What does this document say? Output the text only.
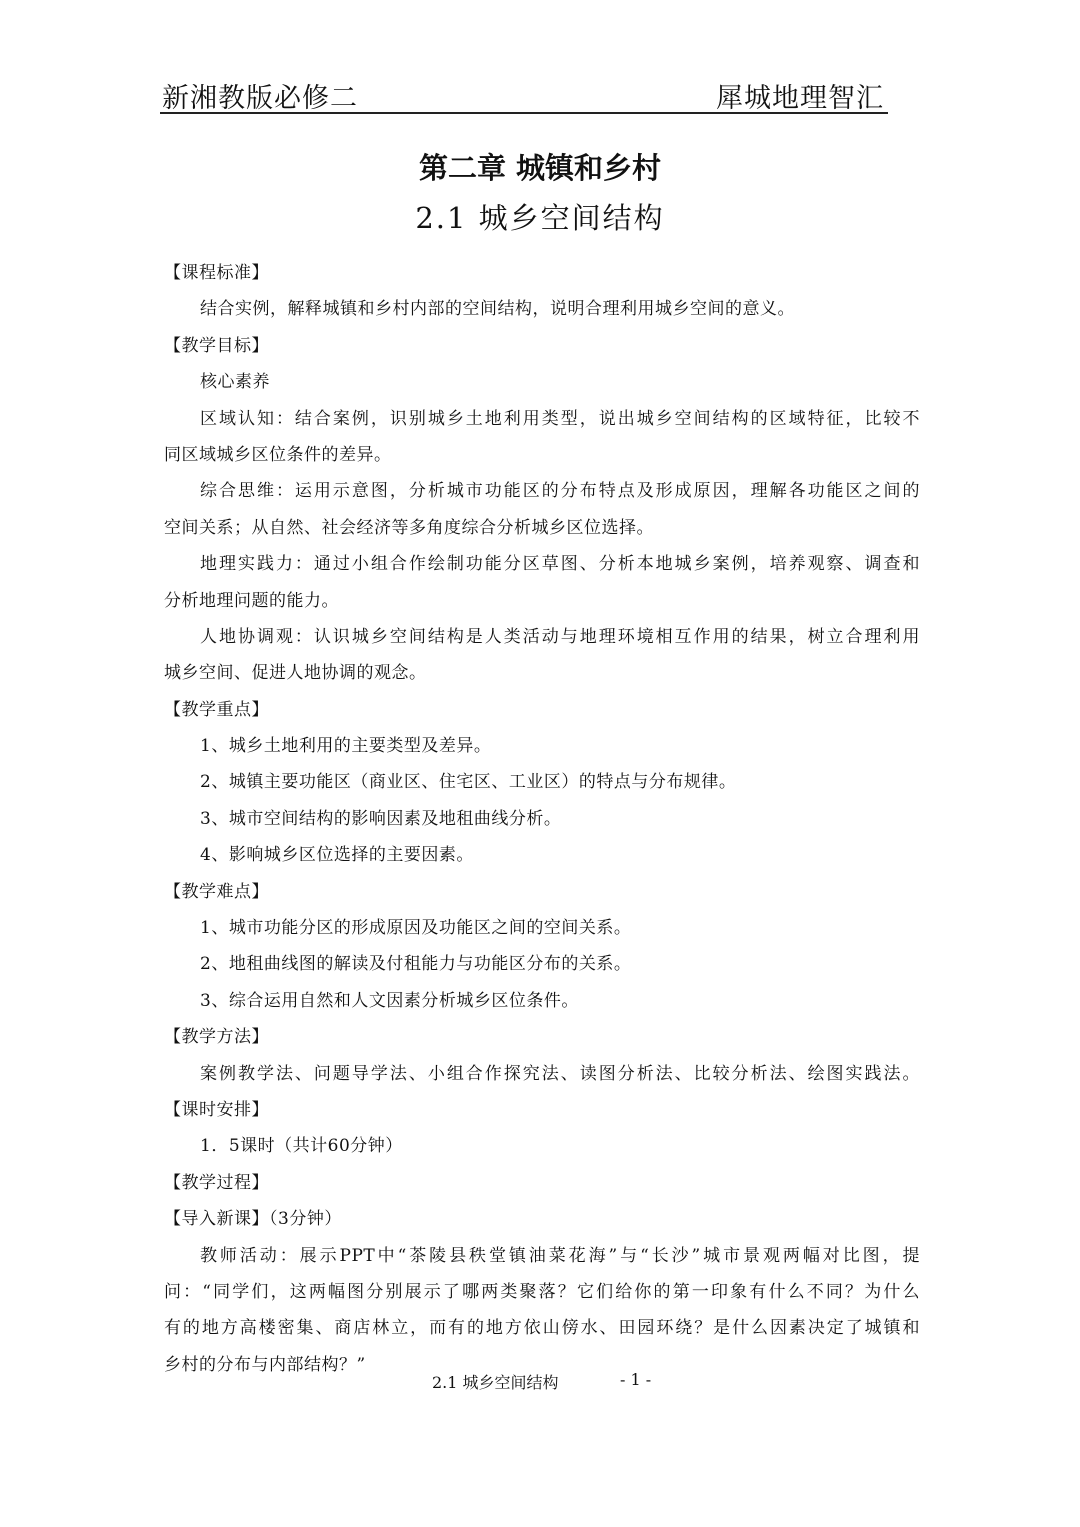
新湘教版必修二	犀城地理智汇
第二章 城镇和乡村
2.1 城乡空间结构
【课程标准】
结合实例，解释城镇和乡村内部的空间结构，说明合理利用城乡空间的意义。
【教学目标】
核心素养
区域认知：结合案例，识别城乡土地利用类型，说出城乡空间结构的区域特征，比较不
同区域城乡区位条件的差异。
综合思维：运用示意图，分析城市功能区的分布特点及形成原因，理解各功能区之间的
空间关系；从自然、社会经济等多角度综合分析城乡区位选择。
地理实践力：通过小组合作绘制功能分区草图、分析本地城乡案例，培养观察、调查和
分析地理问题的能力。
人地协调观：认识城乡空间结构是人类活动与地理环境相互作用的结果，树立合理利用
城乡空间、促进人地协调的观念。
【教学重点】
1、城乡土地利用的主要类型及差异。
2、城镇主要功能区（商业区、住宅区、工业区）的特点与分布规律。
3、城市空间结构的影响因素及地租曲线分析。
4、影响城乡区位选择的主要因素。
【教学难点】
1、城市功能分区的形成原因及功能区之间的空间关系。
2、地租曲线图的解读及付租能力与功能区分布的关系。
3、综合运用自然和人文因素分析城乡区位条件。
【教学方法】
案例教学法、问题导学法、小组合作探究法、读图分析法、比较分析法、绘图实践法。
【课时安排】
1．5课时（共计60分钟）
【教学过程】
【导入新课】（3分钟）
教师活动：展示PPT中“茶陵县秩堂镇油菜花海”与“长沙”城市景观两幅对比图，提
问：“同学们，这两幅图分别展示了哪两类聚落？它们给你的第一印象有什么不同？为什么
有的地方高楼密集、商店林立，而有的地方依山傍水、田园环绕？是什么因素决定了城镇和
乡村的分布与内部结构？”
2.1 城乡空间结构	- 1 -
